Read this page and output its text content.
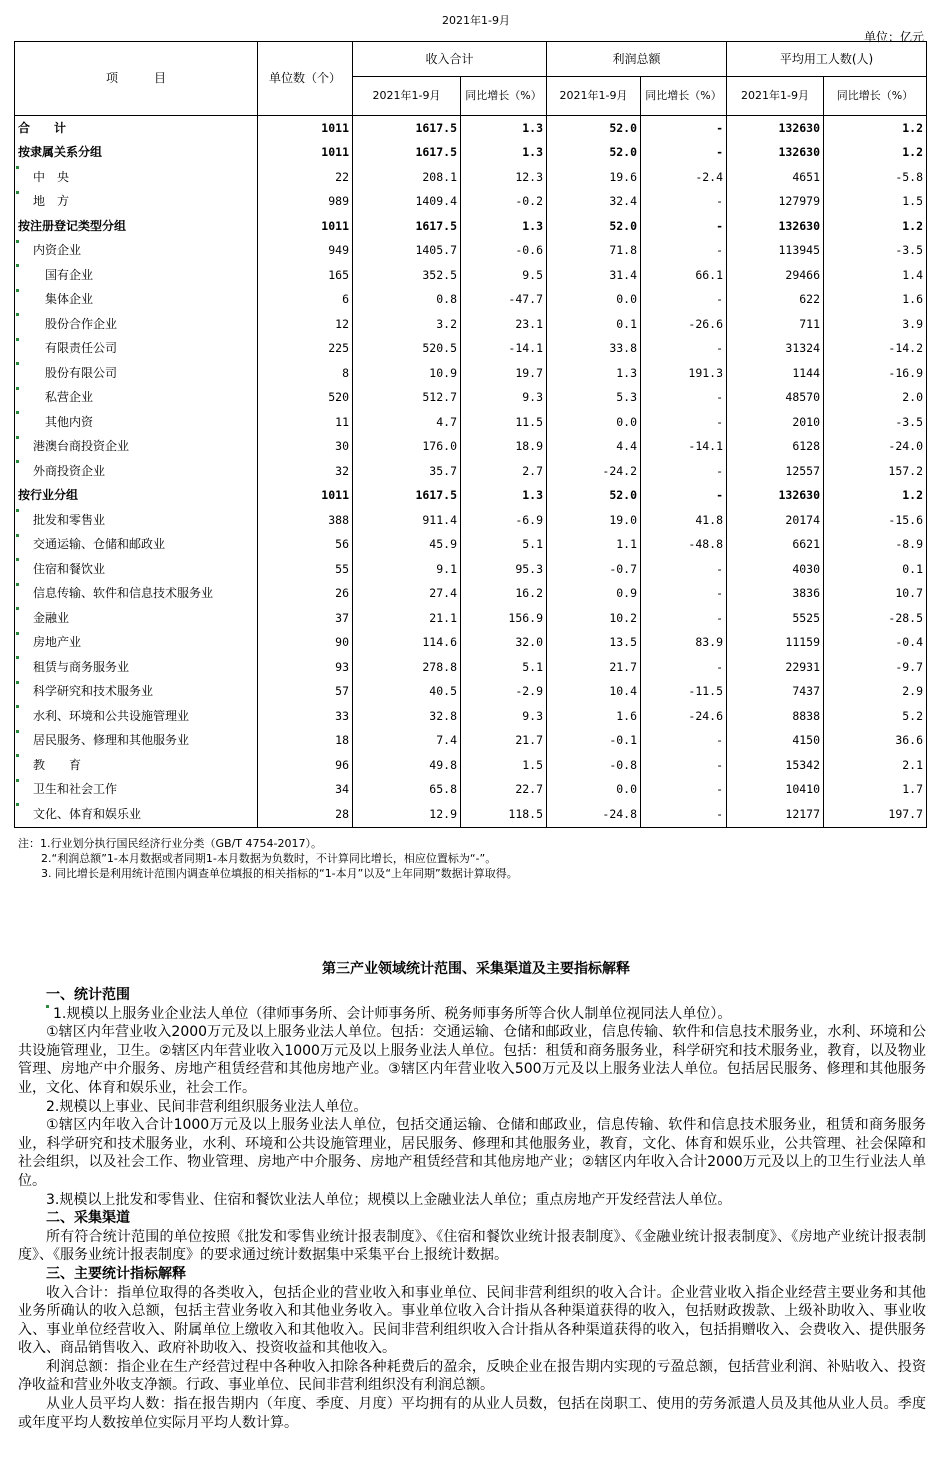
2021年1-9月
单位：亿元
项　　　目	单位数（个）	收入合计		利润总额		平均用工人数(人)	
		2021年1-9月	同比增长（%）	2021年1-9月	同比增长（%）	2021年1-9月	同比增长（%）
合　　计	1011	1617.5	1.3	52.0	-	132630	1.2
按隶属关系分组	1011	1617.5	1.3	52.0	-	132630	1.2

中　央	22	208.1	12.3	19.6	-2.4	4651	-5.8

地　方	989	1409.4	-0.2	32.4	-	127979	1.5
按注册登记类型分组	1011	1617.5	1.3	52.0	-	132630	1.2

内资企业	949	1405.7	-0.6	71.8	-	113945	-3.5

国有企业	165	352.5	9.5	31.4	66.1	29466	1.4

集体企业	6	0.8	-47.7	0.0	-	622	1.6

股份合作企业	12	3.2	23.1	0.1	-26.6	711	3.9

有限责任公司	225	520.5	-14.1	33.8	-	31324	-14.2

股份有限公司	8	10.9	19.7	1.3	191.3	1144	-16.9

私营企业	520	512.7	9.3	5.3	-	48570	2.0

其他内资	11	4.7	11.5	0.0	-	2010	-3.5

港澳台商投资企业	30	176.0	18.9	4.4	-14.1	6128	-24.0

外商投资企业	32	35.7	2.7	-24.2	-	12557	157.2
按行业分组	1011	1617.5	1.3	52.0	-	132630	1.2

批发和零售业	388	911.4	-6.9	19.0	41.8	20174	-15.6

交通运输、仓储和邮政业	56	45.9	5.1	1.1	-48.8	6621	-8.9

住宿和餐饮业	55	9.1	95.3	-0.7	-	4030	0.1

信息传输、软件和信息技术服务业	26	27.4	16.2	0.9	-	3836	10.7

金融业	37	21.1	156.9	10.2	-	5525	-28.5

房地产业	90	114.6	32.0	13.5	83.9	11159	-0.4

租赁与商务服务业	93	278.8	5.1	21.7	-	22931	-9.7

科学研究和技术服务业	57	40.5	-2.9	10.4	-11.5	7437	2.9

水利、环境和公共设施管理业	33	32.8	9.3	1.6	-24.6	8838	5.2

居民服务、修理和其他服务业	18	7.4	21.7	-0.1	-	4150	36.6

教　　育	96	49.8	1.5	-0.8	-	15342	2.1

卫生和社会工作	34	65.8	22.7	0.0	-	10410	1.7

文化、体育和娱乐业	28	12.9	118.5	-24.8	-	12177	197.7
注：1.行业划分执行国民经济行业分类（GB/T 4754-2017）。
2.“利润总额”1-本月数据或者同期1-本月数据为负数时，不计算同比增长，相应位置标为“-”。
3. 同比增长是利用统计范围内调查单位填报的相关指标的“1-本月”以及“上年同期”数据计算取得。
第三产业领域统计范围、采集渠道及主要指标解释

一、统计范围

1.规模以上服务业企业法人单位（律师事务所、会计师事务所、税务师事务所等合伙人制单位视同法人单位）。

①辖区内年营业收入2000万元及以上服务业法人单位。包括：交通运输、仓储和邮政业，信息传输、软件和信息技术服务业，水利、环境和公共设施管理业，卫生。②辖区内年营业收入1000万元及以上服务业法人单位。包括：租赁和商务服务业，科学研究和技术服务业，教育，以及物业管理、房地产中介服务、房地产租赁经营和其他房地产业。③辖区内年营业收入500万元及以上服务业法人单位。包括居民服务、修理和其他服务业，文化、体育和娱乐业，社会工作。

2.规模以上事业、民间非营利组织服务业法人单位。

①辖区内年收入合计1000万元及以上服务业法人单位，包括交通运输、仓储和邮政业，信息传输、软件和信息技术服务业，租赁和商务服务业，科学研究和技术服务业，水利、环境和公共设施管理业，居民服务、修理和其他服务业，教育，文化、体育和娱乐业，公共管理、社会保障和社会组织，以及社会工作、物业管理、房地产中介服务、房地产租赁经营和其他房地产业；②辖区内年收入合计2000万元及以上的卫生行业法人单位。

3.规模以上批发和零售业、住宿和餐饮业法人单位；规模以上金融业法人单位；重点房地产开发经营法人单位。

二、采集渠道

所有符合统计范围的单位按照《批发和零售业统计报表制度》、《住宿和餐饮业统计报表制度》、《金融业统计报表制度》、《房地产业统计报表制度》、《服务业统计报表制度》的要求通过统计数据集中采集平台上报统计数据。

三、主要统计指标解释

收入合计：指单位取得的各类收入，包括企业的营业收入和事业单位、民间非营利组织的收入合计。企业营业收入指企业经营主要业务和其他业务所确认的收入总额，包括主营业务收入和其他业务收入。事业单位收入合计指从各种渠道获得的收入，包括财政拨款、上级补助收入、事业收入、事业单位经营收入、附属单位上缴收入和其他收入。民间非营利组织收入合计指从各种渠道获得的收入，包括捐赠收入、会费收入、提供服务收入、商品销售收入、政府补助收入、投资收益和其他收入。

利润总额：指企业在生产经营过程中各种收入扣除各种耗费后的盈余，反映企业在报告期内实现的亏盈总额，包括营业利润、补贴收入、投资净收益和营业外收支净额。行政、事业单位、民间非营利组织没有利润总额。

从业人员平均人数：指在报告期内（年度、季度、月度）平均拥有的从业人员数，包括在岗职工、使用的劳务派遣人员及其他从业人员。季度或年度平均人数按单位实际月平均人数计算。
